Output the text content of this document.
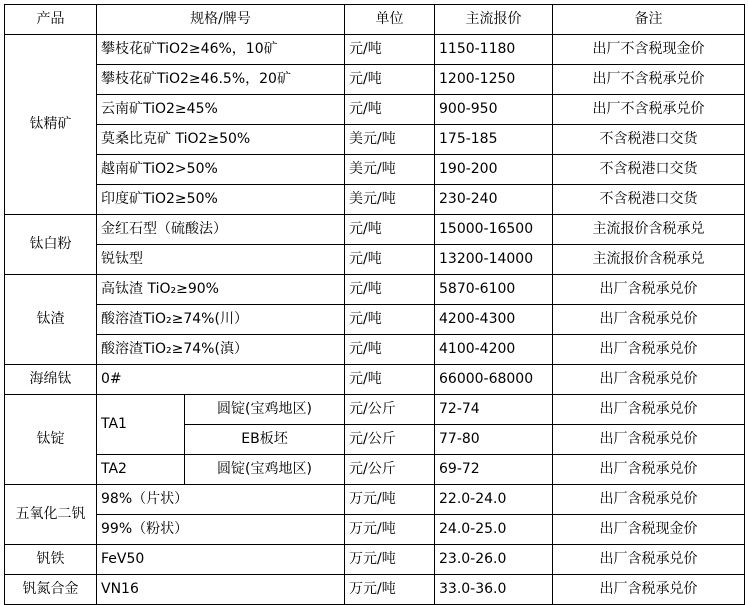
产品	规格/牌号		单位	主流报价	备注
钛精矿	攀枝花矿TiO2≥46%，10矿		元/吨	1150-1180	出厂不含税现金价
	攀枝花矿TiO2≥46.5%，20矿		元/吨	1200-1250	出厂不含税承兑价
	云南矿TiO2≥45%		元/吨	900-950	出厂不含税承兑价
	莫桑比克矿 TiO2≥50%		美元/吨	175-185	不含税港口交货
	越南矿TiO2>50%		美元/吨	190-200	不含税港口交货
	印度矿TiO2≥50%		美元/吨	230-240	不含税港口交货
钛白粉	金红石型（硫酸法）		元/吨	15000-16500	主流报价含税承兑
	锐钛型		元/吨	13200-14000	主流报价含税承兑
钛渣	高钛渣 TiO₂≥90%		元/吨	5870-6100	出厂含税承兑价
	酸溶渣TiO₂≥74%(川）		元/吨	4200-4300	出厂含税承兑价
	酸溶渣TiO₂≥74%(滇）		元/吨	4100-4200	出厂含税承兑价
海绵钛	0#		元/吨	66000-68000	出厂含税承兑价
钛锭	TA1	圆锭(宝鸡地区)	元/公斤	72-74	出厂含税承兑价
		EB板坯	元/公斤	77-80	出厂含税承兑价
	TA2	圆锭(宝鸡地区)	元/公斤	69-72	出厂含税承兑价
五氧化二钒	98%（片状）		万元/吨	22.0-24.0	出厂含税承兑价
	99%（粉状）		万元/吨	24.0-25.0	出厂含税现金价
钒铁	FeV50		万元/吨	23.0-26.0	出厂含税承兑价
钒氮合金	VN16		万元/吨	33.0-36.0	出厂含税承兑价
